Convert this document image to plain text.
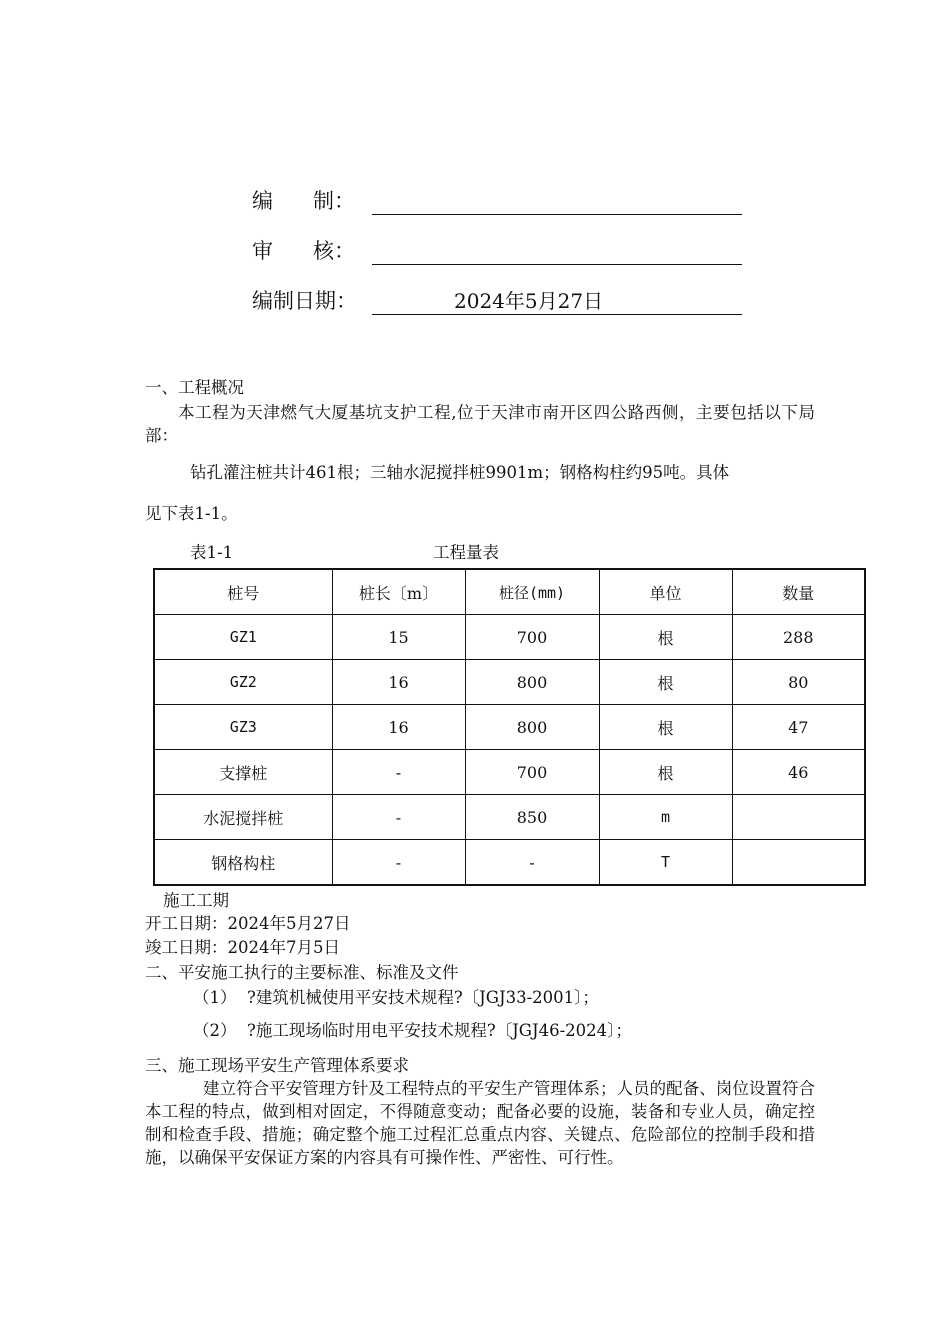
编      制：
审      核：
编制日期：	2024年5月27日
一、工程概况
本工程为天津燃气大厦基坑支护工程,位于天津市南开区四公路西侧，主要包括以下局部：
钻孔灌注桩共计461根；三轴水泥搅拌桩9901m；钢格构柱约95吨。具体
见下表1-1。
表1-1	工程量表
桩号	桩长〔m〕	桩径(mm)	单位	数量
GZ1	15	700	根	288
GZ2	16	800	根	80
GZ3	16	800	根	47
支撑桩	-	700	根	46
水泥搅拌桩	-	850	m	
钢格构柱	-	-	T	
施工工期
开工日期：2024年5月27日
竣工日期：2024年7月5日
二、平安施工执行的主要标准、标准及文件
（1）  ?建筑机械使用平安技术规程?〔JGJ33-2001〕；
（2）  ?施工现场临时用电平安技术规程?〔JGJ46-2024〕；
三、施工现场平安生产管理体系要求
建立符合平安管理方针及工程特点的平安生产管理体系；人员的配备、岗位设置符合本工程的特点，做到相对固定，不得随意变动；配备必要的设施，装备和专业人员，确定控制和检查手段、措施；确定整个施工过程汇总重点内容、关键点、危险部位的控制手段和措施，以确保平安保证方案的内容具有可操作性、严密性、可行性。
